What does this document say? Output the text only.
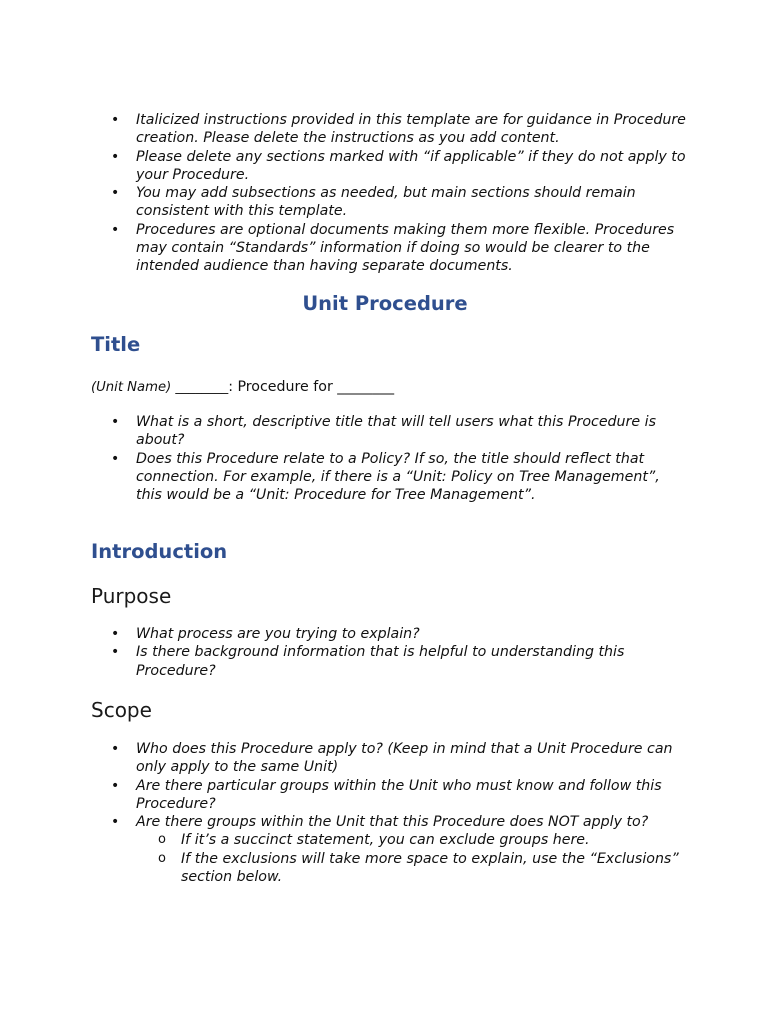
• Italicized instructions provided in this template are for guidance in Procedure creation. Please delete the instructions as you add content.
• Please delete any sections marked with “if applicable” if they do not apply to your Procedure.
• You may add subsections as needed, but main sections should remain consistent with this template.
• Procedures are optional documents making them more flexible. Procedures may contain “Standards” information if doing so would be clearer to the intended audience than having separate documents.
Unit Procedure
Title
(Unit Name) ________: Procedure for ________
• What is a short, descriptive title that will tell users what this Procedure is about?
• Does this Procedure relate to a Policy? If so, the title should reflect that connection. For example, if there is a “Unit: Policy on Tree Management”, this would be a “Unit: Procedure for Tree Management”.
Introduction
Purpose
• What process are you trying to explain?
• Is there background information that is helpful to understanding this Procedure?
Scope
• Who does this Procedure apply to? (Keep in mind that a Unit Procedure can only apply to the same Unit)
• Are there particular groups within the Unit who must know and follow this Procedure?
• Are there groups within the Unit that this Procedure does NOT apply to?
o If it’s a succinct statement, you can exclude groups here.
o If the exclusions will take more space to explain, use the “Exclusions” section below.
